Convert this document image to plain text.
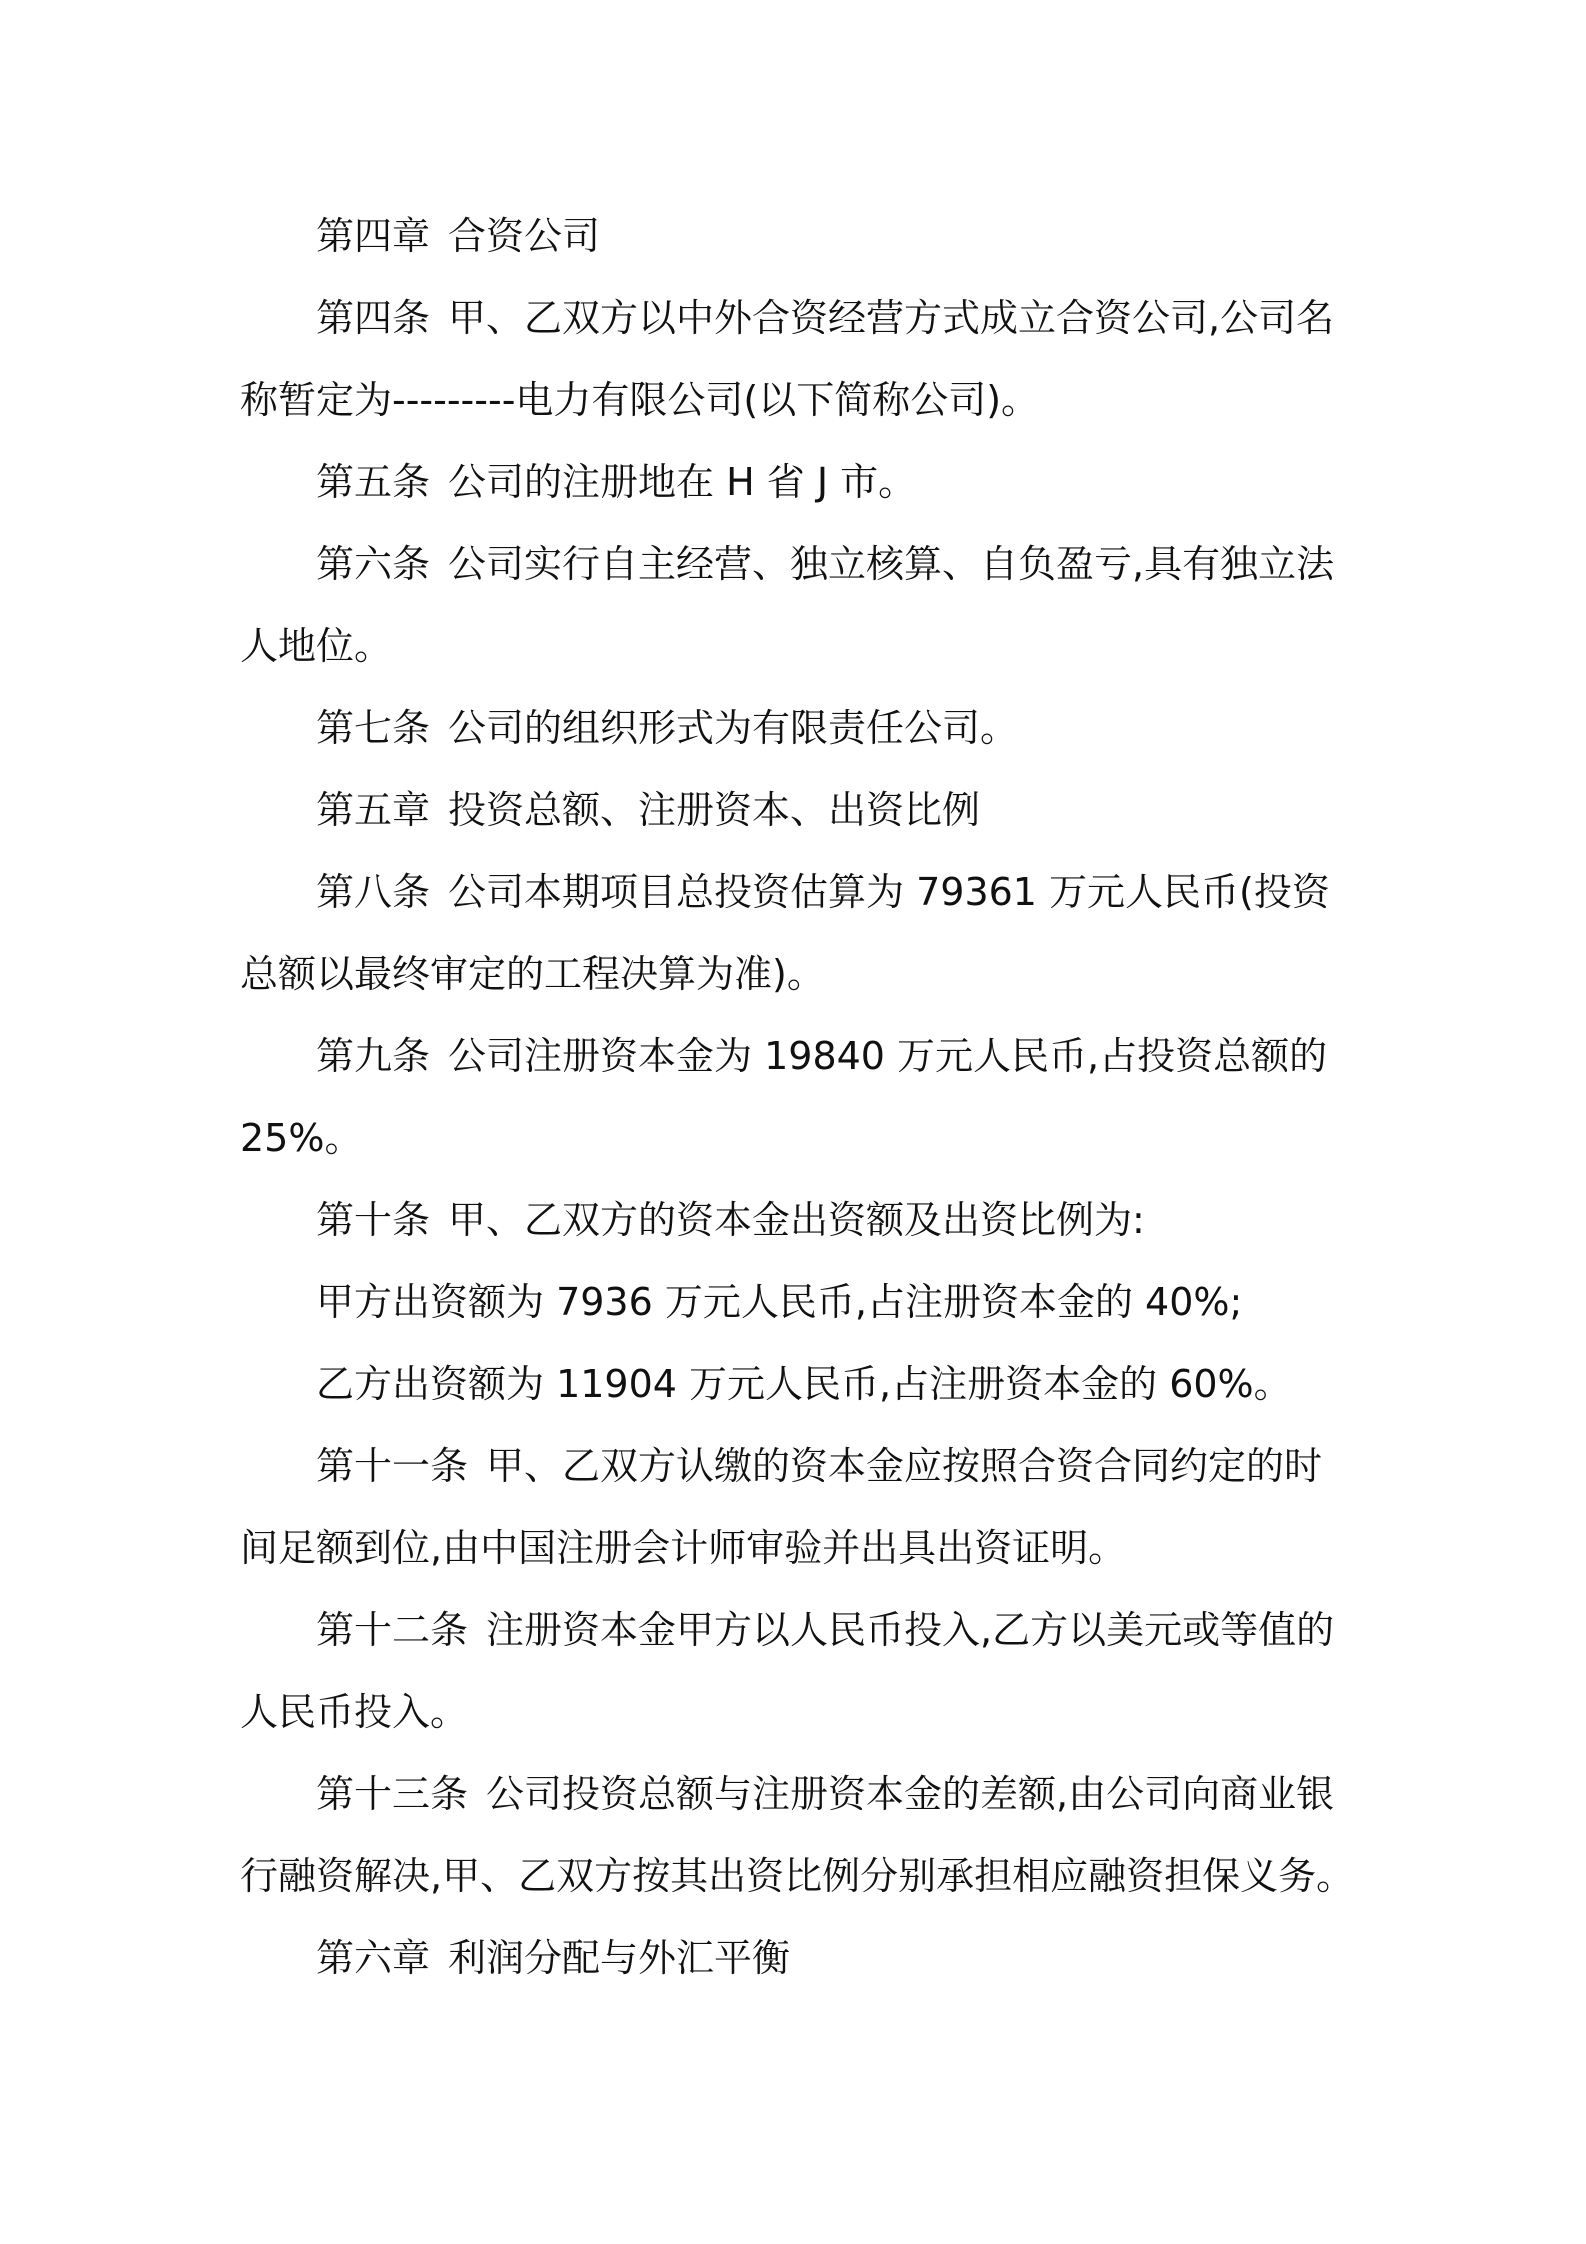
第四章 合资公司

第四条 甲、乙双方以中外合资经营方式成立合资公司,公司名称暂定为---------电力有限公司(以下简称公司)。

第五条 公司的注册地在 H 省 J 市。

第六条 公司实行自主经营、独立核算、自负盈亏,具有独立法人地位。

第七条 公司的组织形式为有限责任公司。

第五章 投资总额、注册资本、出资比例

第八条 公司本期项目总投资估算为 79361 万元人民币(投资总额以最终审定的工程决算为准)。

第九条 公司注册资本金为 19840 万元人民币,占投资总额的 25%。

第十条 甲、乙双方的资本金出资额及出资比例为:

甲方出资额为 7936 万元人民币,占注册资本金的 40%;

乙方出资额为 11904 万元人民币,占注册资本金的 60%。

第十一条 甲、乙双方认缴的资本金应按照合资合同约定的时间足额到位,由中国注册会计师审验并出具出资证明。

第十二条 注册资本金甲方以人民币投入,乙方以美元或等值的人民币投入。

第十三条 公司投资总额与注册资本金的差额,由公司向商业银行融资解决,甲、乙双方按其出资比例分别承担相应融资担保义务。

第六章 利润分配与外汇平衡
